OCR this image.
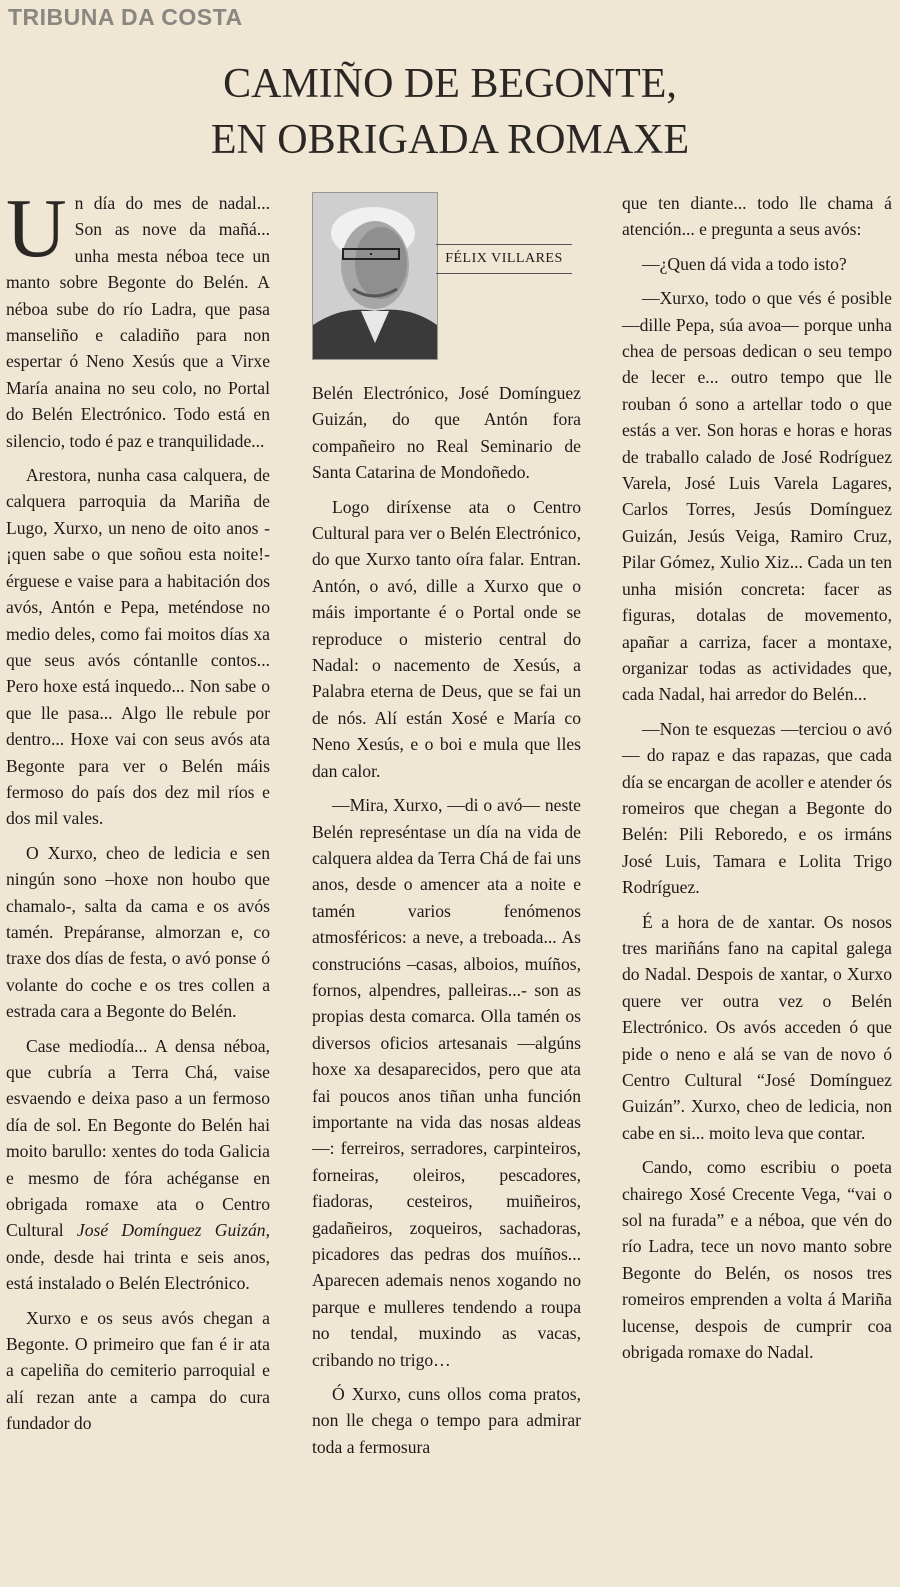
TRIBUNA DA COSTA
CAMIÑO DE BEGONTE,
EN OBRIGADA ROMAXE

Un día do mes de nadal... Son as nove da mañá... unha mesta néboa tece un manto sobre Begonte do Belén. A néboa sube do río Ladra, que pasa manseliño e caladiño para non espertar ó Neno Xesús que a Virxe María anaina no seu colo, no Portal do Belén Electrónico. Todo está en silencio, todo é paz e tranquilidade...

Arestora, nunha casa calquera, de calquera parroquia da Mariña de Lugo, Xurxo, un neno de oito anos -¡quen sabe o que soñou esta noite!- érguese e vaise para a habitación dos avós, Antón e Pepa, meténdose no medio deles, como fai moitos días xa que seus avós cóntanlle contos... Pero hoxe está inquedo... Non sabe o que lle pasa... Algo lle rebule por dentro... Hoxe vai con seus avós ata Begonte para ver o Belén máis fermoso do país dos dez mil ríos e dos mil vales.

O Xurxo, cheo de ledicia e sen ningún sono –hoxe non houbo que chamalo-, salta da cama e os avós tamén. Prepáranse, almorzan e, co traxe dos días de festa, o avó ponse ó volante do coche e os tres collen a estrada cara a Begonte do Belén.

Case mediodía... A densa néboa, que cubría a Terra Chá, vaise esvaendo e deixa paso a un fermoso día de sol. En Begonte do Belén hai moito barullo: xentes do toda Galicia e mesmo de fóra achéganse en obrigada romaxe ata o Centro Cultural José Domínguez Guizán, onde, desde hai trinta e seis anos, está instalado o Belén Electrónico.

Xurxo e os seus avós chegan a Begonte. O primeiro que fan é ir ata a capeliña do cemiterio parroquial e alí rezan ante a campa do cura fundador do

FÉLIX VILLARES

Belén Electrónico, José Domínguez Guizán, do que Antón fora compañeiro no Real Seminario de Santa Catarina de Mondoñedo.

Logo diríxense ata o Centro Cultural para ver o Belén Electrónico, do que Xurxo tanto oíra falar. Entran. Antón, o avó, dille a Xurxo que o máis importante é o Portal onde se reproduce o misterio central do Nadal: o nacemento de Xesús, a Palabra eterna de Deus, que se fai un de nós. Alí están Xosé e María co Neno Xesús, e o boi e mula que lles dan calor.

—Mira, Xurxo, —di o avó— neste Belén represéntase un día na vida de calquera aldea da Terra Chá de fai uns anos, desde o amencer ata a noite e tamén varios fenómenos atmosféricos: a neve, a treboada... As construcións –casas, alboios, muíños, fornos, alpendres, palleiras...- son as propias desta comarca. Olla tamén os diversos oficios artesanais —algúns hoxe xa desaparecidos, pero que ata fai poucos anos tiñan unha función importante na vida das nosas aldeas—: ferreiros, serradores, carpinteiros, forneiras, oleiros, pescadores, fiadoras, cesteiros, muiñeiros, gadañeiros, zoqueiros, sachadoras, picadores das pedras dos muíños... Aparecen ademais nenos xogando no parque e mulleres tendendo a roupa no tendal, muxindo as vacas, cribando no trigo…

Ó Xurxo, cuns ollos coma pratos, non lle chega o tempo para admirar toda a fermosura

que ten diante... todo lle chama á atención... e pregunta a seus avós:

—¿Quen dá vida a todo isto?

—Xurxo, todo o que vés é posible —dille Pepa, súa avoa— porque unha chea de persoas dedican o seu tempo de lecer e... outro tempo que lle rouban ó sono a artellar todo o que estás a ver. Son horas e horas e horas de traballo calado de José Rodríguez Varela, José Luis Varela Lagares, Carlos Torres, Jesús Domínguez Guizán, Jesús Veiga, Ramiro Cruz, Pilar Gómez, Xulio Xiz... Cada un ten unha misión concreta: facer as figuras, dotalas de movemento, apañar a carriza, facer a montaxe, organizar todas as actividades que, cada Nadal, hai arredor do Belén...

—Non te esquezas —terciou o avó— do rapaz e das rapazas, que cada día se encargan de acoller e atender ós romeiros que chegan a Begonte do Belén: Pili Reboredo, e os irmáns José Luis, Tamara e Lolita Trigo Rodríguez.

É a hora de de xantar. Os nosos tres mariñáns fano na capital galega do Nadal. Despois de xantar, o Xurxo quere ver outra vez o Belén Electrónico. Os avós acceden ó que pide o neno e alá se van de novo ó Centro Cultural “José Domínguez Guizán”. Xurxo, cheo de ledicia, non cabe en si... moito leva que contar.

Cando, como escribiu o poeta chairego Xosé Crecente Vega, “vai o sol na furada” e a néboa, que vén do río Ladra, tece un novo manto sobre Begonte do Belén, os nosos tres romeiros emprenden a volta á Mariña lucense, despois de cumprir coa obrigada romaxe do Nadal.
